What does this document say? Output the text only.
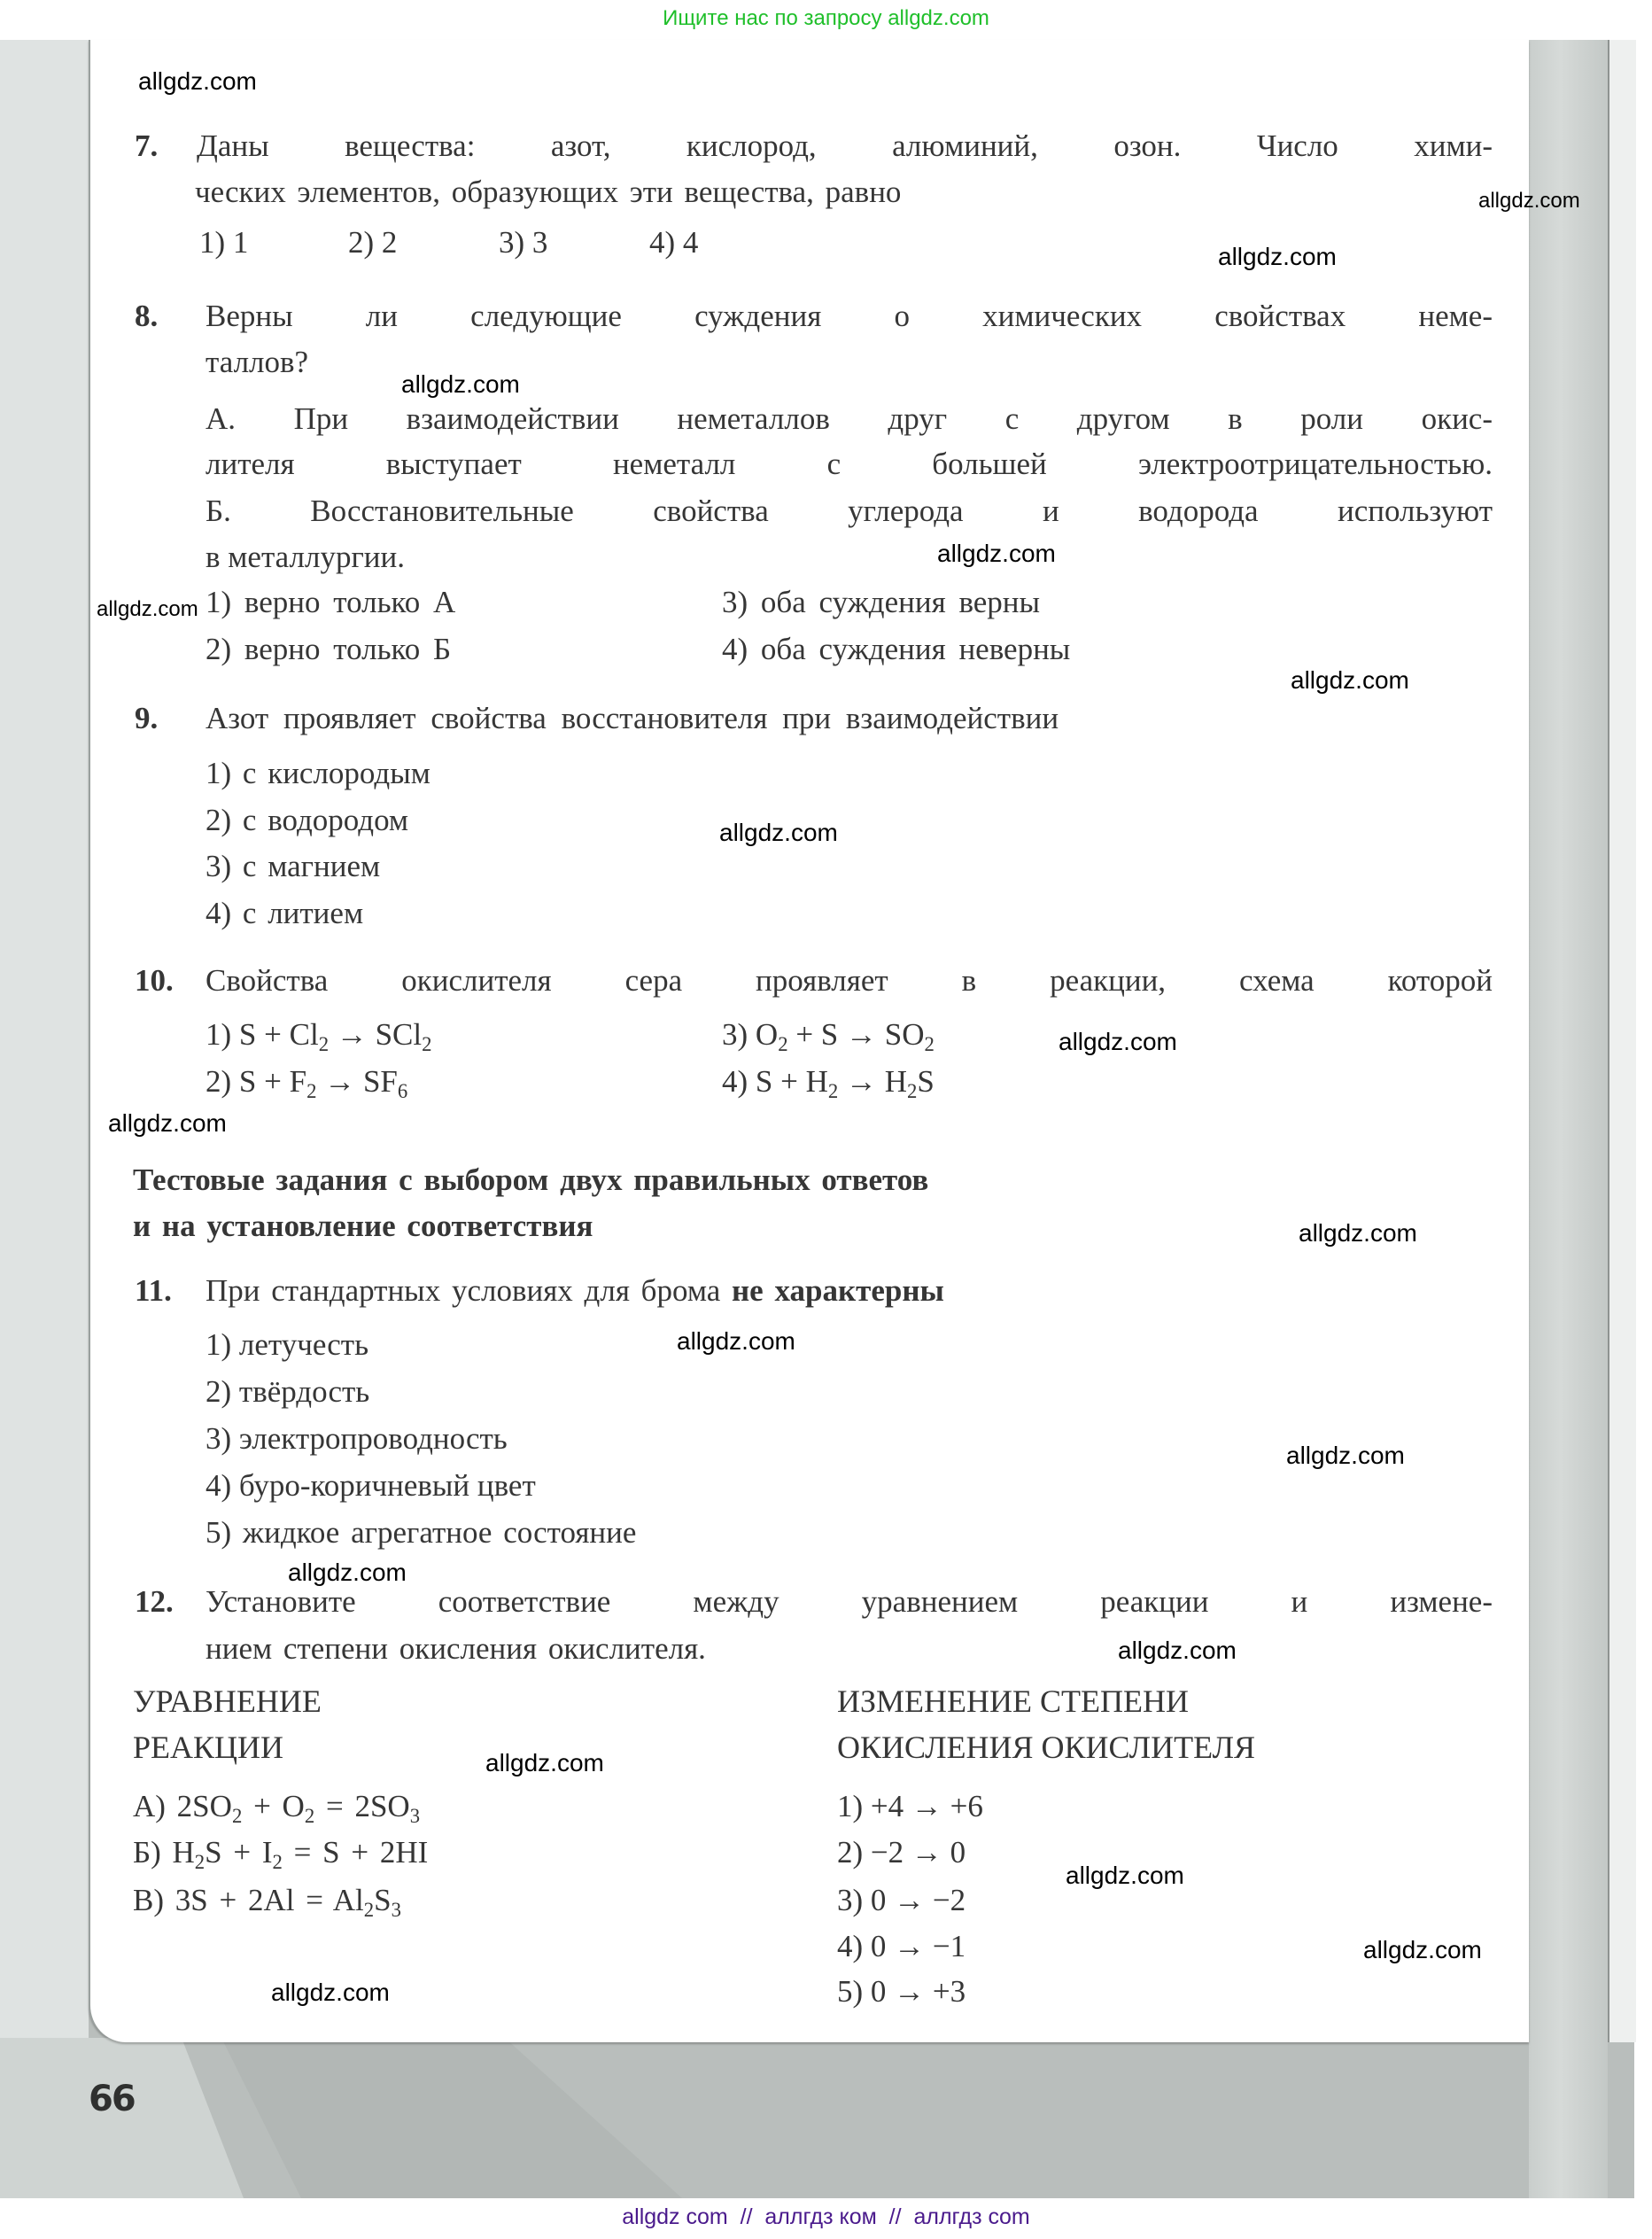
Ищите нас по запросу allgdz.com
7. Даны вещества: азот, кислород, алюминий, озон. Число хими-
ческих элементов, образующих эти вещества, равно
1) 1	2) 2	3) 3	4) 4
8. Верны ли следующие суждения о химических свойствах неме-
таллов?
А. При взаимодействии неметаллов друг с другом в роли окис-
лителя выступает неметалл с большей электроотрицательностью.
Б. Восстановительные свойства углерода и водорода используют
в металлургии.
1) верно только А
2) верно только Б
3) оба суждения верны
4) оба суждения неверны
9. Азот проявляет свойства восстановителя при взаимодействии
1) с кислородым
2) с водородом
3) с магнием
4) с литием
10. Свойства окислителя сера проявляет в реакции, схема которой
1) $S + Cl_2 \to SCl_2$
2) $S + F_2 \to SF_6$
3) $O_2 + S \to SO_2$
4) $S + H_2 \to H_2S$
Тестовые задания с выбором двух правильных ответов
и на установление соответствия
11. При стандартных условиях для брома не характерны
1) летучесть
2) твёрдость
3) электропроводность
4) буро-коричневый цвет
5) жидкое агрегатное состояние
12. Установите соответствие между уравнением реакции и измене-
нием степени окисления окислителя.
УРАВНЕНИЕ
РЕАКЦИИ
ИЗМЕНЕНИЕ СТЕПЕНИ
ОКИСЛЕНИЯ ОКИСЛИТЕЛЯ
А) $2SO_2 + O_2 = 2SO_3$
Б) $H_2S + I_2 = S + 2HI$
В) $3S + 2Al = Al_2S_3$
1) +4 → +6
2) −2 → 0
3) 0 → −2
4) 0 → −1
5) 0 → +3
66
allgdz.com
allgdz.com
allgdz.com
allgdz.com
allgdz.com
allgdz.com
allgdz.com
allgdz.com
allgdz.com
allgdz.com
allgdz.com
allgdz.com
allgdz.com
allgdz.com
allgdz.com
allgdz.com
allgdz.com
allgdz.com
allgdz.com
allgdz com  //  аллгдз ком  //  аллгдз com
